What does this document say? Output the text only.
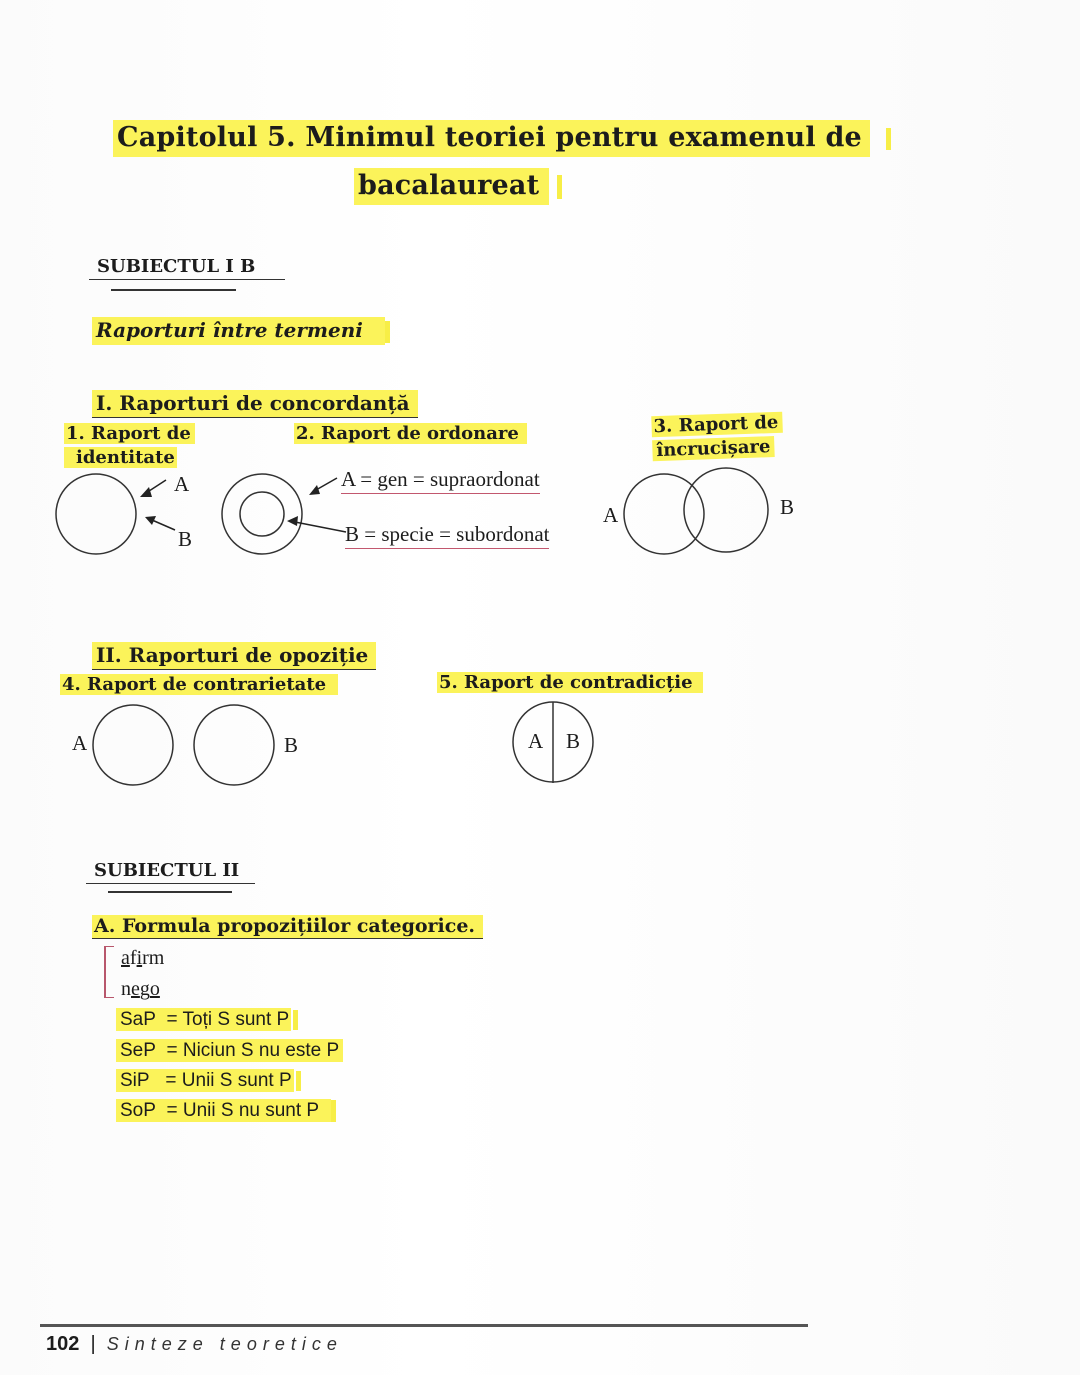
Capitolul 5. Minimul teoriei pentru examenul de
bacalaureat
SUBIECTUL I B
Raporturi între termeni
I. Raporturi de concordanță
1. Raport de
identitate
A
B
2. Raport de ordonare
A = gen = supraordonat
B = specie = subordonat
3. Raport de
încrucișare
A	B
II. Raporturi de opoziție
4. Raport de contrarietate
A	B
5. Raport de contradicție
A B
SUBIECTUL II
A. Formula propozițiilor categorice.
afirm
nego
SaP = Toți S sunt P
SeP = Niciun S nu este P
SiP = Unii S sunt P
SoP = Unii S nu sunt P
102 | Sinteze teoretice
